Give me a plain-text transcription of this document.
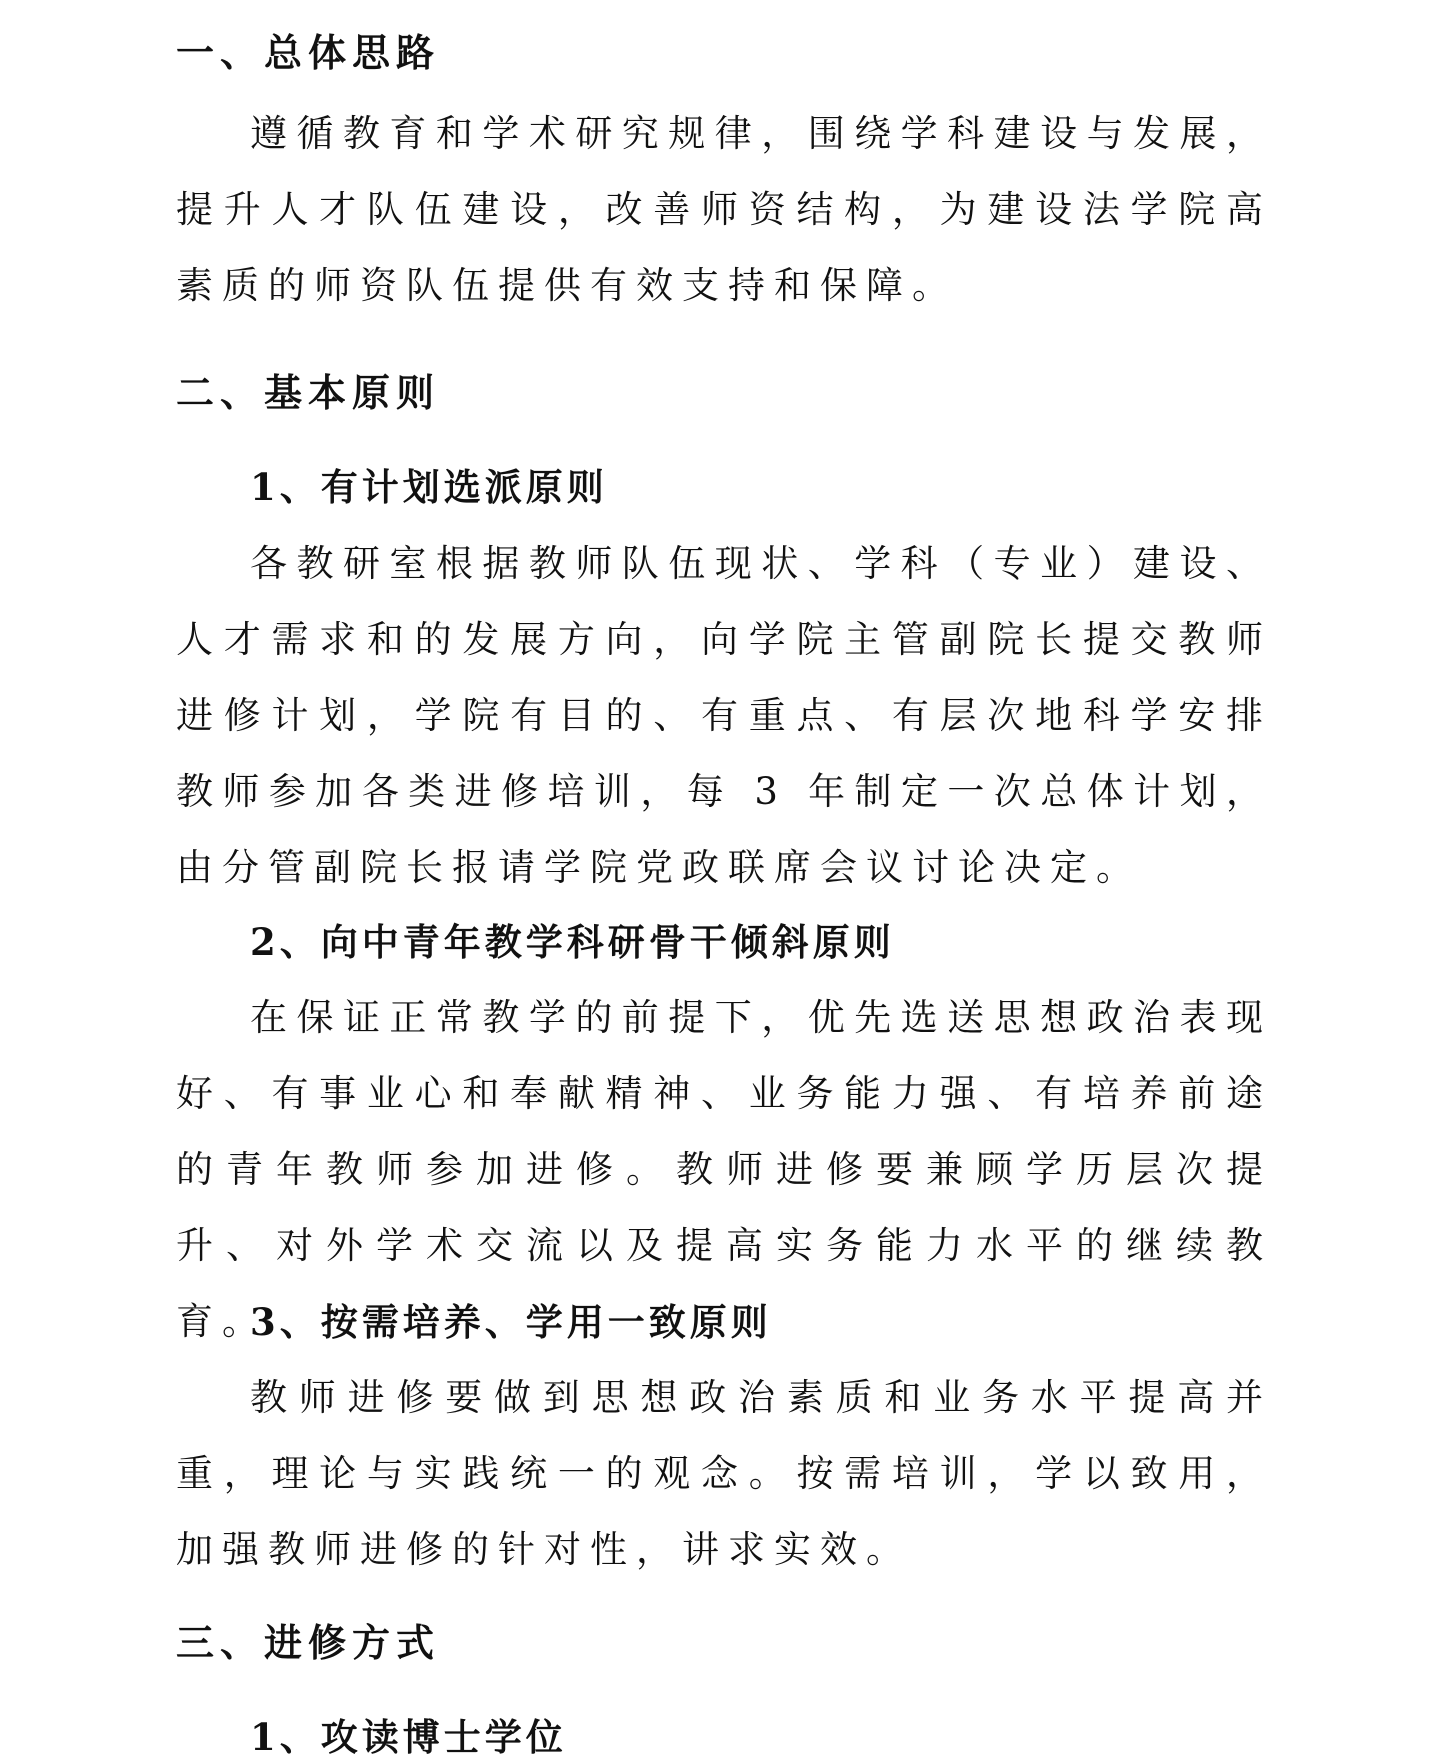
一、总体思路

遵循教育和学术研究规律，围绕学科建设与发展，提升人才队伍建设，改善师资结构，为建设法学院高素质的师资队伍提供有效支持和保障。

二、基本原则
1、有计划选派原则

各教研室根据教师队伍现状、学科（专业）建设、人才需求和的发展方向，向学院主管副院长提交教师进修计划，学院有目的、有重点、有层次地科学安排教师参加各类进修培训，每 3 年制定一次总体计划，由分管副院长报请学院党政联席会议讨论决定。

2、向中青年教学科研骨干倾斜原则

在保证正常教学的前提下，优先选送思想政治表现好、有事业心和奉献精神、业务能力强、有培养前途的青年教师参加进修。教师进修要兼顾学历层次提升、对外学术交流以及提高实务能力水平的继续教育。

3、按需培养、学用一致原则

教师进修要做到思想政治素质和业务水平提高并重，理论与实践统一的观念。按需培训，学以致用，加强教师进修的针对性，讲求实效。

三、进修方式
1、攻读博士学位
